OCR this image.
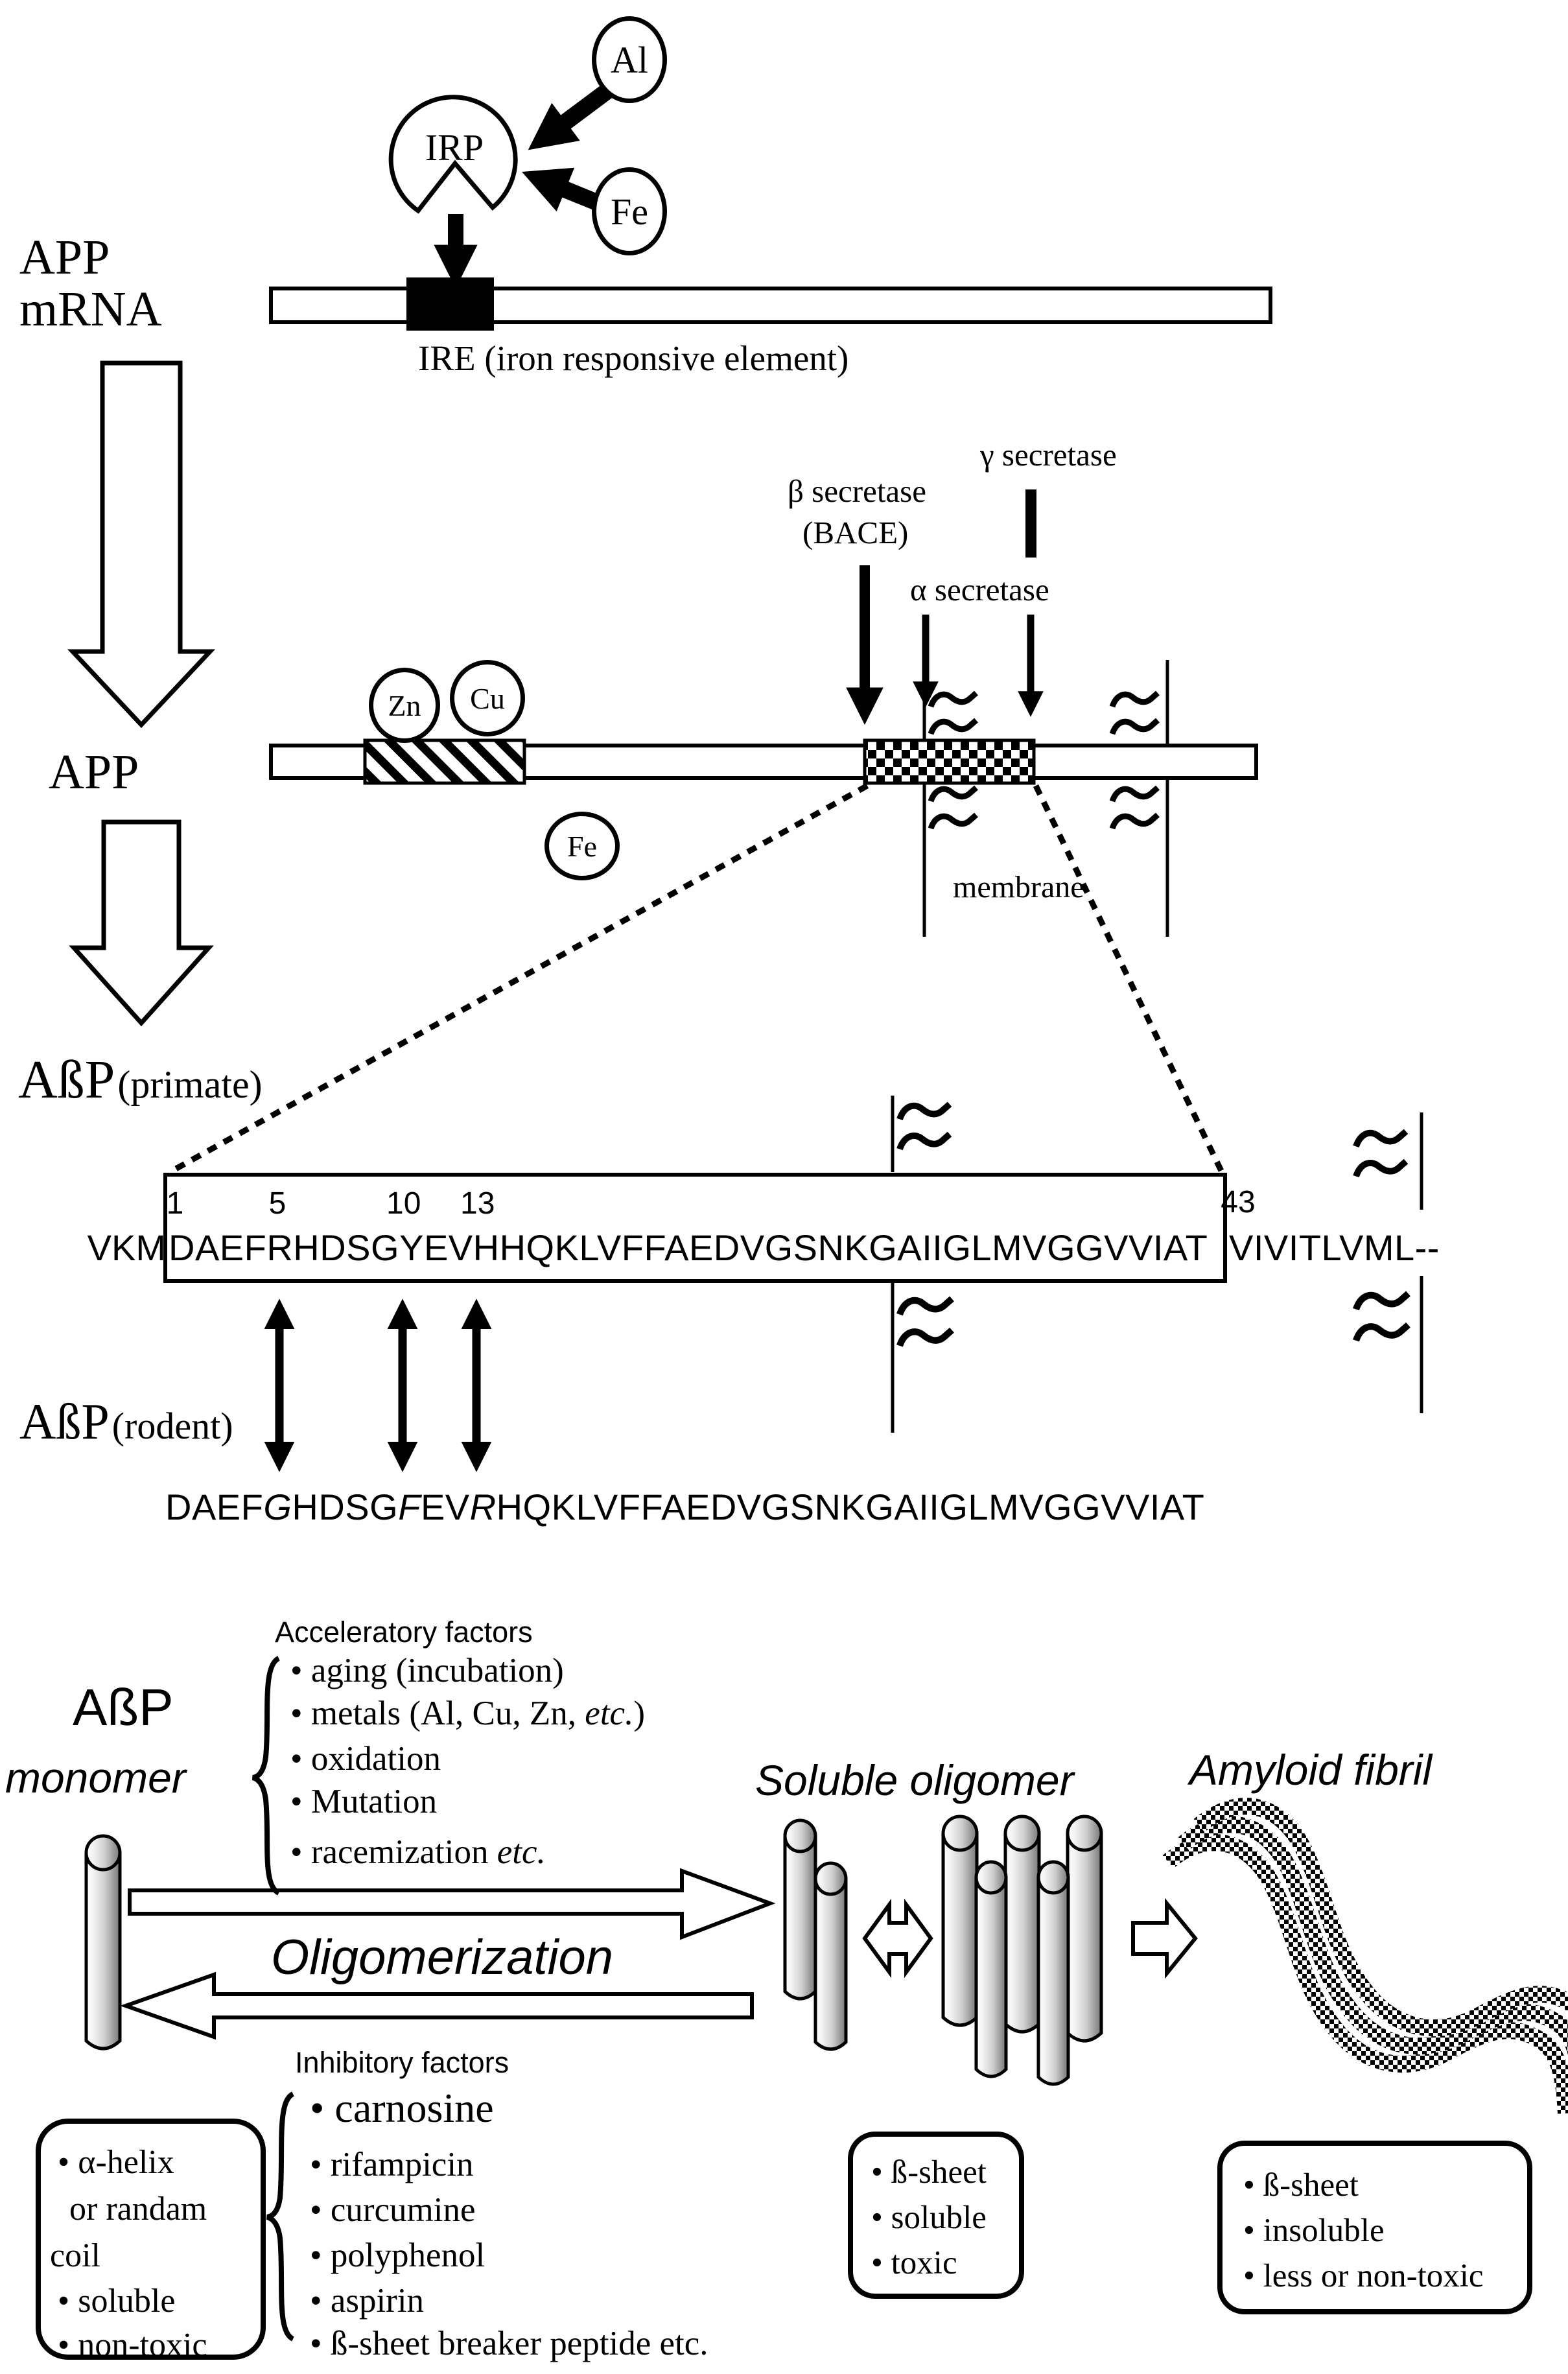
APP
mRNA
APP
AßP (primate)
AßP (rodent)
Al
Fe
IRP
IRE (iron responsive element)
γ secretase
β secretase
(BACE)
α secretase
Zn Cu
Fe
membrane
1	5	10 13	43
VKM DAEFRHDSGYEVHHQKLVFFAEDVGSNKGAIIGLMVGGVVIAT VIVITLVML--
DAEFGHDSGFEVRHQKLVFFAEDVGSNKGAIIGLMVGGVVIAT
Acceleratory factors
• aging (incubation)
• metals (Al, Cu, Zn, etc.)
• oxidation
• Mutation
• racemization etc.
AßP
monomer
Oligomerization
Inhibitory factors
• carnosine
• rifampicin
• curcumine
• polyphenol
• aspirin
• ß-sheet breaker peptide etc.
Soluble oligomer	Amyloid fibril
• α-helix
or randam
coil
• soluble
• non-toxic
• ß-sheet
• soluble
• toxic
• ß-sheet
• insoluble
• less or non-toxic
